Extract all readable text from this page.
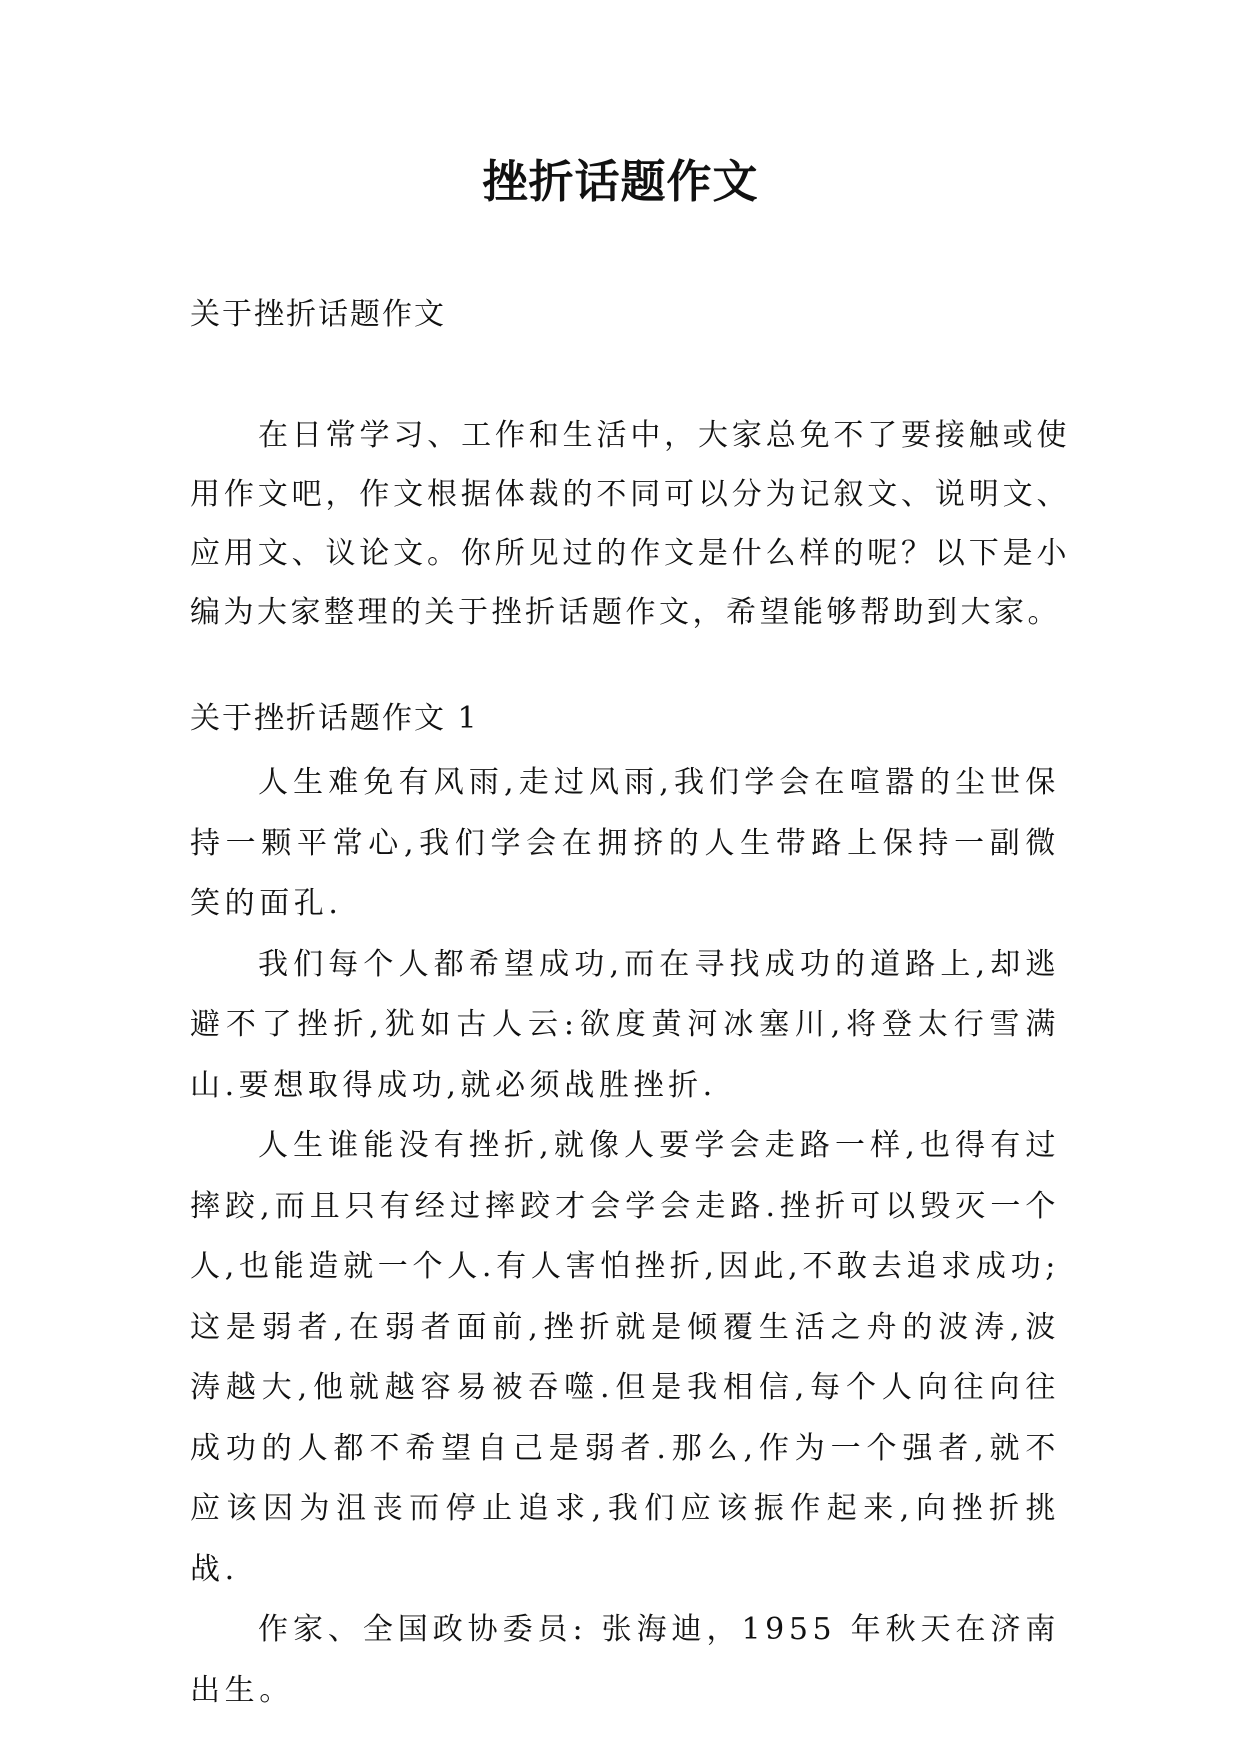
挫折话题作文

关于挫折话题作文

在日常学习、工作和生活中，大家总免不了要接触或使用作文吧，作文根据体裁的不同可以分为记叙文、说明文、应用文、议论文。你所见过的作文是什么样的呢？以下是小编为大家整理的关于挫折话题作文，希望能够帮助到大家。

关于挫折话题作文 1

人生难免有风雨,走过风雨,我们学会在喧嚣的尘世保持一颗平常心,我们学会在拥挤的人生带路上保持一副微笑的面孔.

我们每个人都希望成功,而在寻找成功的道路上,却逃避不了挫折,犹如古人云:欲度黄河冰塞川,将登太行雪满山.要想取得成功,就必须战胜挫折.

人生谁能没有挫折,就像人要学会走路一样,也得有过摔跤,而且只有经过摔跤才会学会走路.挫折可以毁灭一个人,也能造就一个人.有人害怕挫折,因此,不敢去追求成功;这是弱者,在弱者面前,挫折就是倾覆生活之舟的波涛,波涛越大,他就越容易被吞噬.但是我相信,每个人向往向往成功的人都不希望自己是弱者.那么,作为一个强者,就不应该因为沮丧而停止追求,我们应该振作起来,向挫折挑战.

作家、全国政协委员: 张海迪，1955 年秋天在济南出生。
